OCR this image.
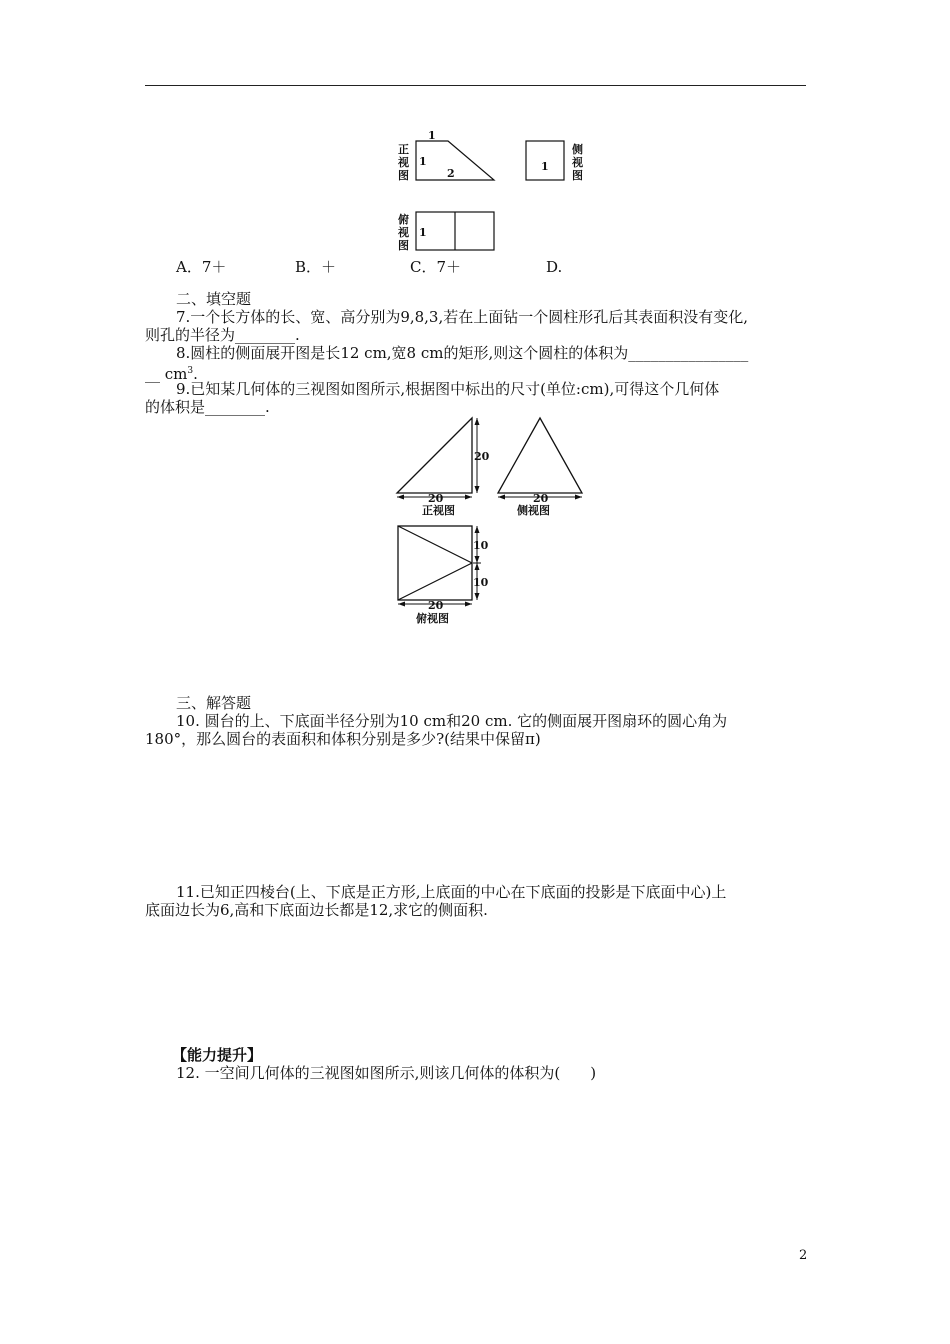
正
视
图
1
1
2
1
侧
视
图
俯
视
图
1
A．7＋	B．＋	C．7＋	D.
二、填空题
7.一个长方体的长、宽、高分别为9,8,3,若在上面钻一个圆柱形孔后其表面积没有变化,
则孔的半径为________.
8.圆柱的侧面展开图是长12 cm,宽8 cm的矩形,则这个圆柱的体积为________________
__ $cm^3$.
9.已知某几何体的三视图如图所示,根据图中标出的尺寸(单位:cm),可得这个几何体
的体积是________.
20
20
正视图
20
侧视图
10
10
20
俯视图
三、解答题
10. 圆台的上、下底面半径分别为10 cm和20 cm. 它的侧面展开图扇环的圆心角为
180°，那么圆台的表面积和体积分别是多少?(结果中保留π)
11.已知正四棱台(上、下底是正方形,上底面的中心在下底面的投影是下底面中心)上
底面边长为6,高和下底面边长都是12,求它的侧面积.
【能力提升】
12. 一空间几何体的三视图如图所示,则该几何体的体积为(　　)
2
